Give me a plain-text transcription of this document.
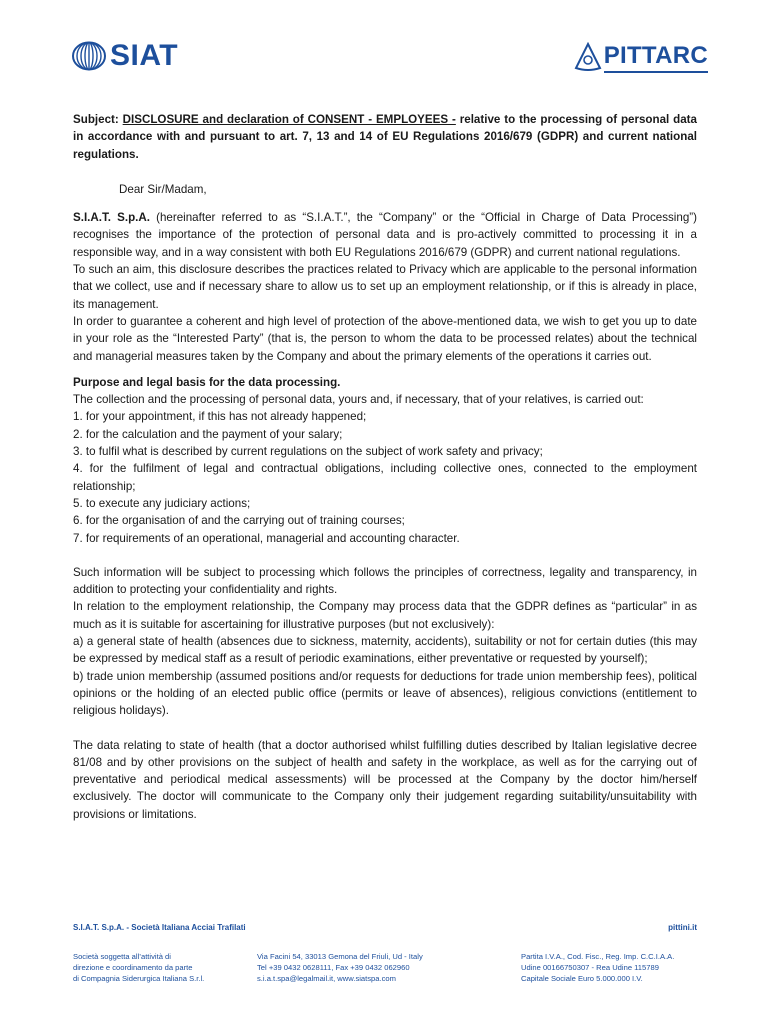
SIAT	PITTARC

Subject: DISCLOSURE and declaration of CONSENT - EMPLOYEES - relative to the processing of personal data in accordance with and pursuant to art. 7, 13 and 14 of EU Regulations 2016/679 (GDPR) and current national regulations.

Dear Sir/Madam,

S.I.A.T. S.p.A. (hereinafter referred to as “S.I.A.T.”, the “Company” or the “Official in Charge of Data Processing”) recognises the importance of the protection of personal data and is pro-actively committed to processing it in a responsible way, and in a way consistent with both EU Regulations 2016/679 (GDPR) and current national regulations.

To such an aim, this disclosure describes the practices related to Privacy which are applicable to the personal information that we collect, use and if necessary share to allow us to set up an employment relationship, or if this is already in place, its management.

In order to guarantee a coherent and high level of protection of the above-mentioned data, we wish to get you up to date in your role as the “Interested Party” (that is, the person to whom the data to be processed relates) about the technical and managerial measures taken by the Company and about the primary elements of the operations it carries out.

Purpose and legal basis for the data processing.

The collection and the processing of personal data, yours and, if necessary, that of your relatives, is carried out:

1. for your appointment, if this has not already happened;

2. for the calculation and the payment of your salary;

3. to fulfil what is described by current regulations on the subject of work safety and privacy;

4. for the fulfilment of legal and contractual obligations, including collective ones, connected to the employment relationship;

5. to execute any judiciary actions;

6. for the organisation of and the carrying out of training courses;

7. for requirements of an operational, managerial and accounting character.

Such information will be subject to processing which follows the principles of correctness, legality and transparency, in addition to protecting your confidentiality and rights.

In relation to the employment relationship, the Company may process data that the GDPR defines as “particular” in as much as it is suitable for ascertaining for illustrative purposes (but not exclusively):

a) a general state of health (absences due to sickness, maternity, accidents), suitability or not for certain duties (this may be expressed by medical staff as a result of periodic examinations, either preventative or requested by yourself);

b) trade union membership (assumed positions and/or requests for deductions for trade union membership fees), political opinions or the holding of an elected public office (permits or leave of absences), religious convictions (entitlement to religious holidays).

The data relating to state of health (that a doctor authorised whilst fulfilling duties described by Italian legislative decree 81/08 and by other provisions on the subject of health and safety in the workplace, as well as for the carrying out of preventative and periodical medical assessments) will be processed at the Company by the doctor him/herself exclusively. The doctor will communicate to the Company only their judgement regarding suitability/unsuitability with provisions or limitations.

S.I.A.T. S.p.A. - Società Italiana Acciai Trafilati	pittini.it
Società soggetta all’attività di
direzione e coordinamento da parte
di Compagnia Siderurgica Italiana S.r.l.
Via Facini 54, 33013 Gemona del Friuli, Ud - Italy
Tel +39 0432 0628111, Fax +39 0432 062960
s.i.a.t.spa@legalmail.it, www.siatspa.com
Partita I.V.A., Cod. Fisc., Reg. Imp. C.C.I.A.A.
Udine 00166750307 - Rea Udine 115789
Capitale Sociale Euro 5.000.000 I.V.
